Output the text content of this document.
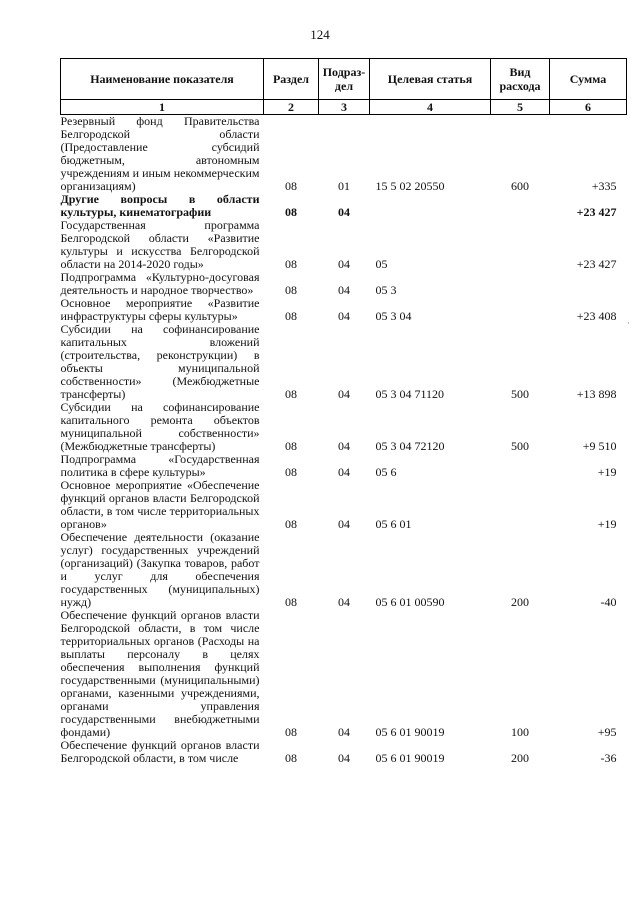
124
Наименование показателя	Раздел	Подраз-дел	Целевая статья	Вид расхода	Сумма
1	2	3	4	5	6
Резервный фонд Правительства Белгородской области (Предоставление субсидий бюджетным, автономным учреждениям и иным некоммерческим организациям)	08	01	15 5 02 20550	600	+335
Другие вопросы в области культуры, кинематографии	08	04			+23 427
Государственная программа Белгородской области «Развитие культуры и искусства Белгородской области на 2014-2020 годы»	08	04	05		+23 427
Подпрограмма «Культурно-досуговая деятельность и народное творчество»	08	04	05 3		
Основное мероприятие «Развитие инфраструктуры сферы культуры»	08	04	05 3 04		+23 408
Субсидии на софинансирование капитальных вложений (строительства, реконструкции) в объекты муниципальной собственности» (Межбюджетные трансферты)	08	04	05 3 04 71120	500	+13 898
Субсидии на софинансирование капитального ремонта объектов муниципальной собственности» (Межбюджетные трансферты)	08	04	05 3 04 72120	500	+9 510
Подпрограмма «Государственная политика в сфере культуры»	08	04	05 6		+19
Основное мероприятие «Обеспечение функций органов власти Белгородской области, в том числе территориальных органов»	08	04	05 6 01		+19
Обеспечение деятельности (оказание услуг) государственных учреждений (организаций) (Закупка товаров, работ и услуг для обеспечения государственных (муниципальных) нужд)	08	04	05 6 01 00590	200	-40
Обеспечение функций органов власти Белгородской области, в том числе территориальных органов (Расходы на выплаты персоналу в целях обеспечения выполнения функций государственными (муниципальными) органами, казенными учреждениями, органами управления государственными внебюджетными фондами)	08	04	05 6 01 90019	100	+95
Обеспечение функций органов власти Белгородской области, в том числе	08	04	05 6 01 90019	200	-36
·
